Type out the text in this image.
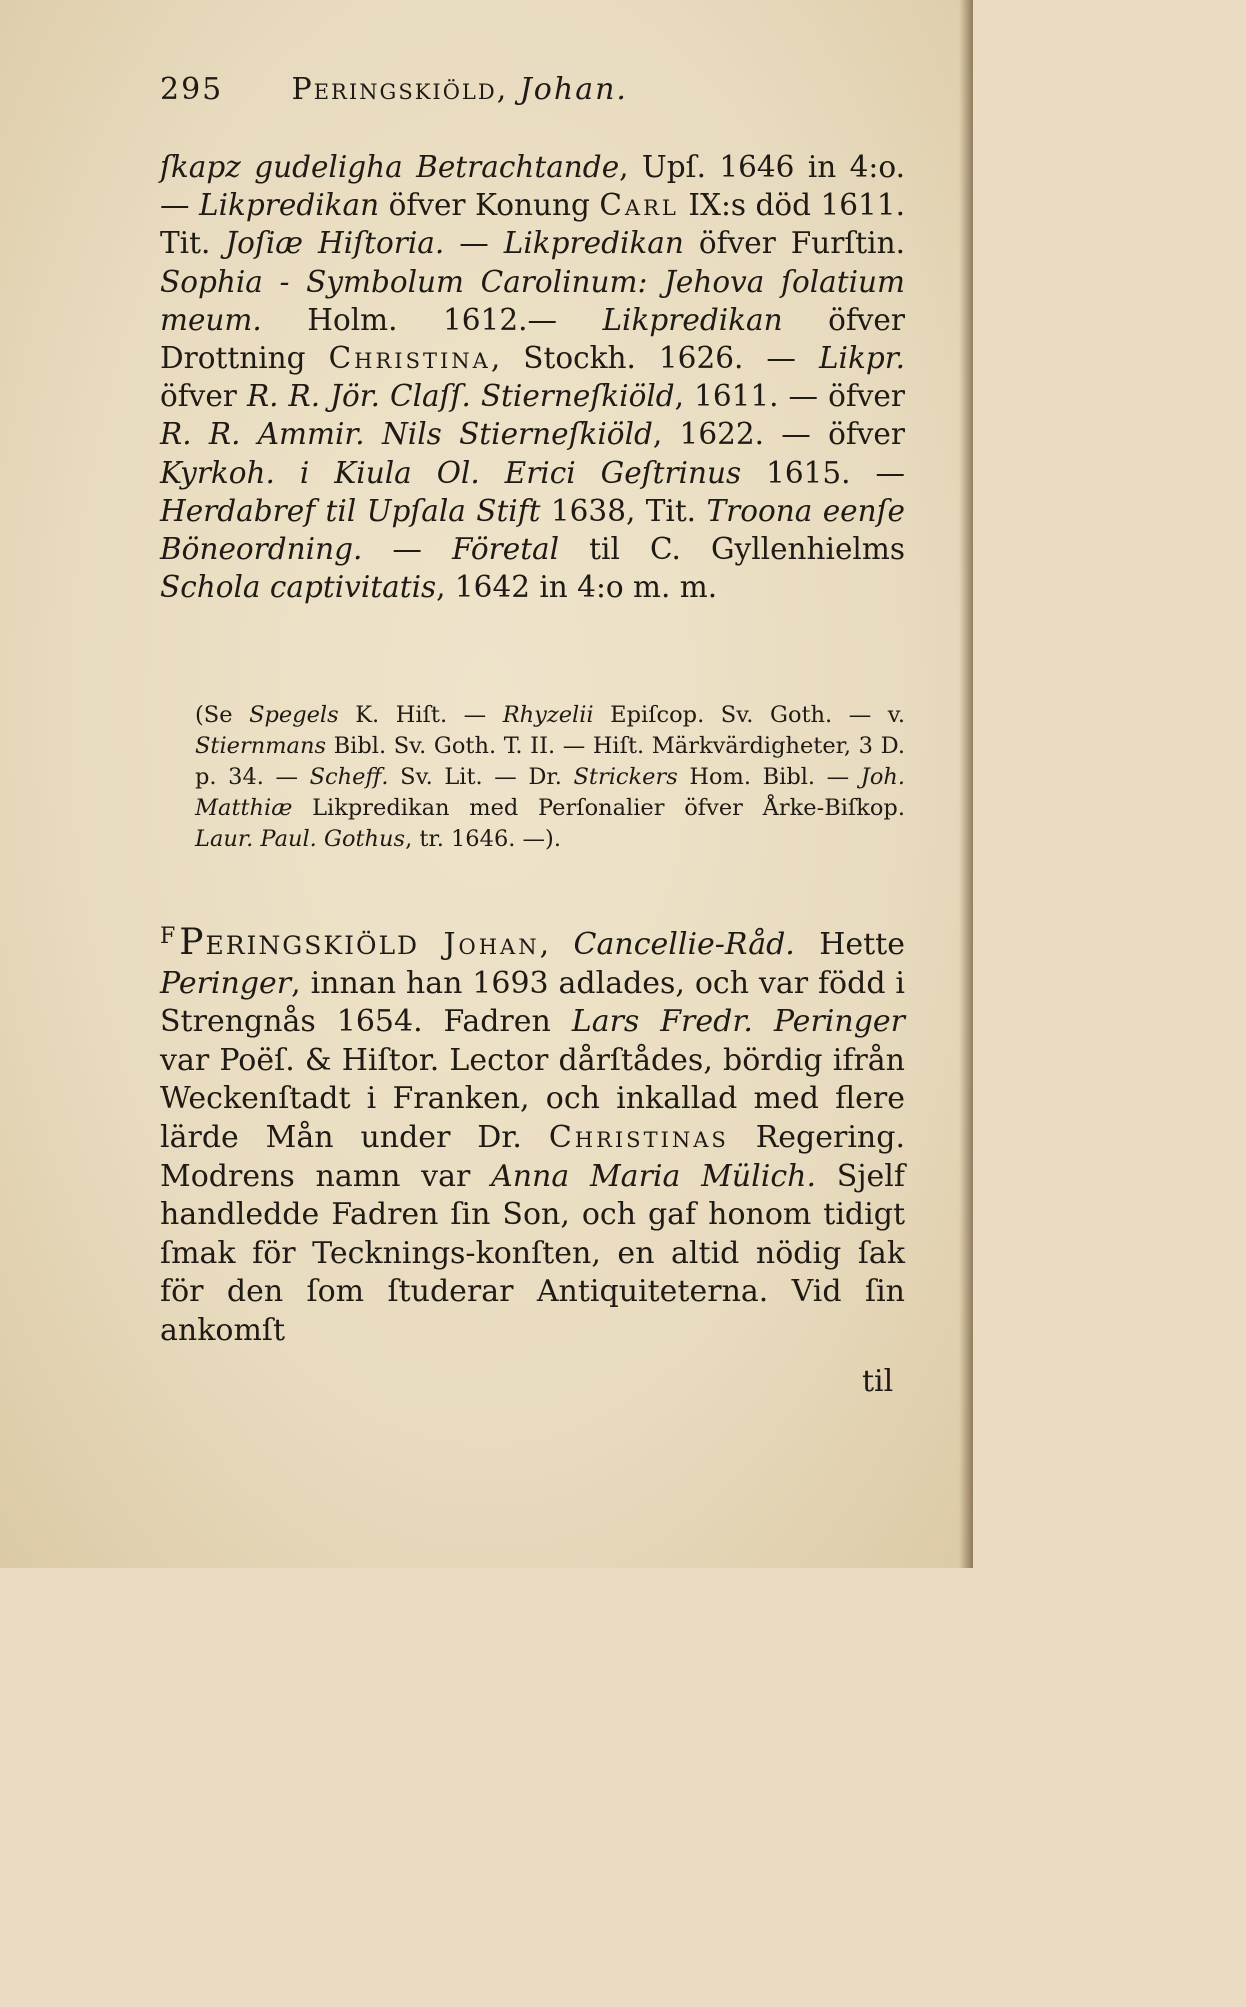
295 Peringskiöld, Johan.

ſkapz gudeligha Betrachtande, Upſ. 1646 in 4:o. — Likpredikan öfver Konung Carl IX:s död 1611. Tit. Joſiæ Hiſtoria. — Likpredikan öfver Furſtin. Sophia - Symbolum Carolinum: Jehova ſolatium meum. Holm. 1612.— Likpredikan öfver Drottning Christina, Stockh. 1626. — Likpr. öfver R. R. Jör. Claſſ. Stierneſkiöld, 1611. — öfver R. R. Ammir. Nils Stierneſkiöld, 1622. — öfver Kyrkoh. i Kiula Ol. Erici Geſtrinus 1615. — Herdabref til Upſala Stift 1638, Tit. Troona eenſe Böneordning. — Företal til C. Gyllenhielms Schola captivitatis, 1642 in 4:o m. m.

(Se Spegels K. Hiſt. — Rhyzelii Epiſcop. Sv. Goth. — v. Stiernmans Bibl. Sv. Goth. T. II. — Hiſt. Märkvärdigheter, 3 D. p. 34. — Scheff. Sv. Lit. — Dr. Strickers Hom. Bibl. — Joh. Matthiæ Likpredikan med Perſonalier öfver Årke-Biſkop. Laur. Paul. Gothus, tr. 1646. —).

$^F$ Peringskiöld Johan, Cancellie-Råd. Hette Peringer, innan han 1693 adlades, och var född i Strengnås 1654. Fadren Lars Fredr. Peringer var Poëſ. & Hiſtor. Lector dårſtådes, bördig ifrån Weckenſtadt i Franken, och inkallad med flere lärde Mån under Dr. Christinas Regering. Modrens namn var Anna Maria Mülich. Sjelf handledde Fadren ſin Son, och gaf honom tidigt ſmak för Tecknings-konſten, en altid nödig ſak för den ſom ſtuderar Antiquiteterna. Vid ſin ankomſt

til
